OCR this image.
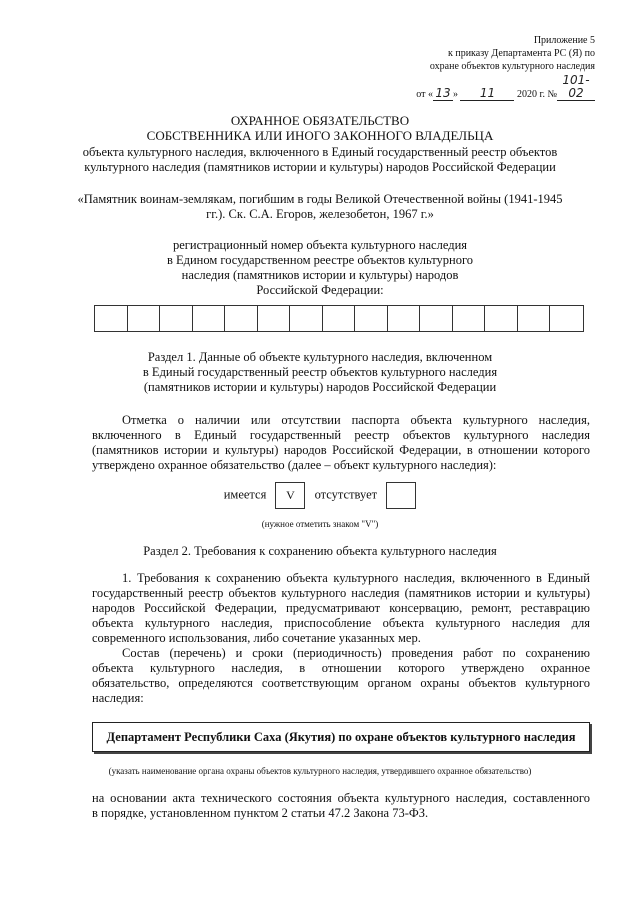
Приложение 5
к приказу Департамента РС (Я) по
охране объектов культурного наследия
от « 13 » 11 2020 г. №101-02
ОХРАННОЕ ОБЯЗАТЕЛЬСТВО
СОБСТВЕННИКА ИЛИ ИНОГО ЗАКОННОГО ВЛАДЕЛЬЦА
объекта культурного наследия, включенного в Единый государственный реестр объектов
культурного наследия (памятников истории и культуры) народов Российской Федерации
«Памятник воинам-землякам, погибшим в годы Великой Отечественной войны (1941-1945
гг.). Ск. С.А. Егоров, железобетон, 1967 г.»
регистрационный номер объекта культурного наследия
в Едином государственном реестре объектов культурного
наследия (памятников истории и культуры) народов
Российской Федерации:
Раздел 1. Данные об объекте культурного наследия, включенном
в Единый государственный реестр объектов культурного наследия
(памятников истории и культуры) народов Российской Федерации
Отметка о наличии или отсутствии паспорта объекта культурного наследия,
включенного в Единый государственный реестр объектов культурного наследия
(памятников истории и культуры) народов Российской Федерации, в отношении которого
утверждено охранное обязательство (далее – объект культурного наследия):
имеется V отсутствует
(нужное отметить знаком "V")
Раздел 2. Требования к сохранению объекта культурного наследия
1. Требования к сохранению объекта культурного наследия, включенного в Единый
государственный реестр объектов культурного наследия (памятников истории и культуры)
народов Российской Федерации, предусматривают консервацию, ремонт, реставрацию
объекта культурного наследия, приспособление объекта культурного наследия для
современного использования, либо сочетание указанных мер.
Состав (перечень) и сроки (периодичность) проведения работ по сохранению
объекта культурного наследия, в отношении которого утверждено охранное
обязательство, определяются соответствующим органом охраны объектов культурного
наследия:
Департамент Республики Саха (Якутия) по охране объектов культурного наследия
(указать наименование органа охраны объектов культурного наследия, утвердившего охранное обязательство)
на основании акта технического состояния объекта культурного наследия, составленного
в порядке, установленном пунктом 2 статьи 47.2 Закона 73-ФЗ.
